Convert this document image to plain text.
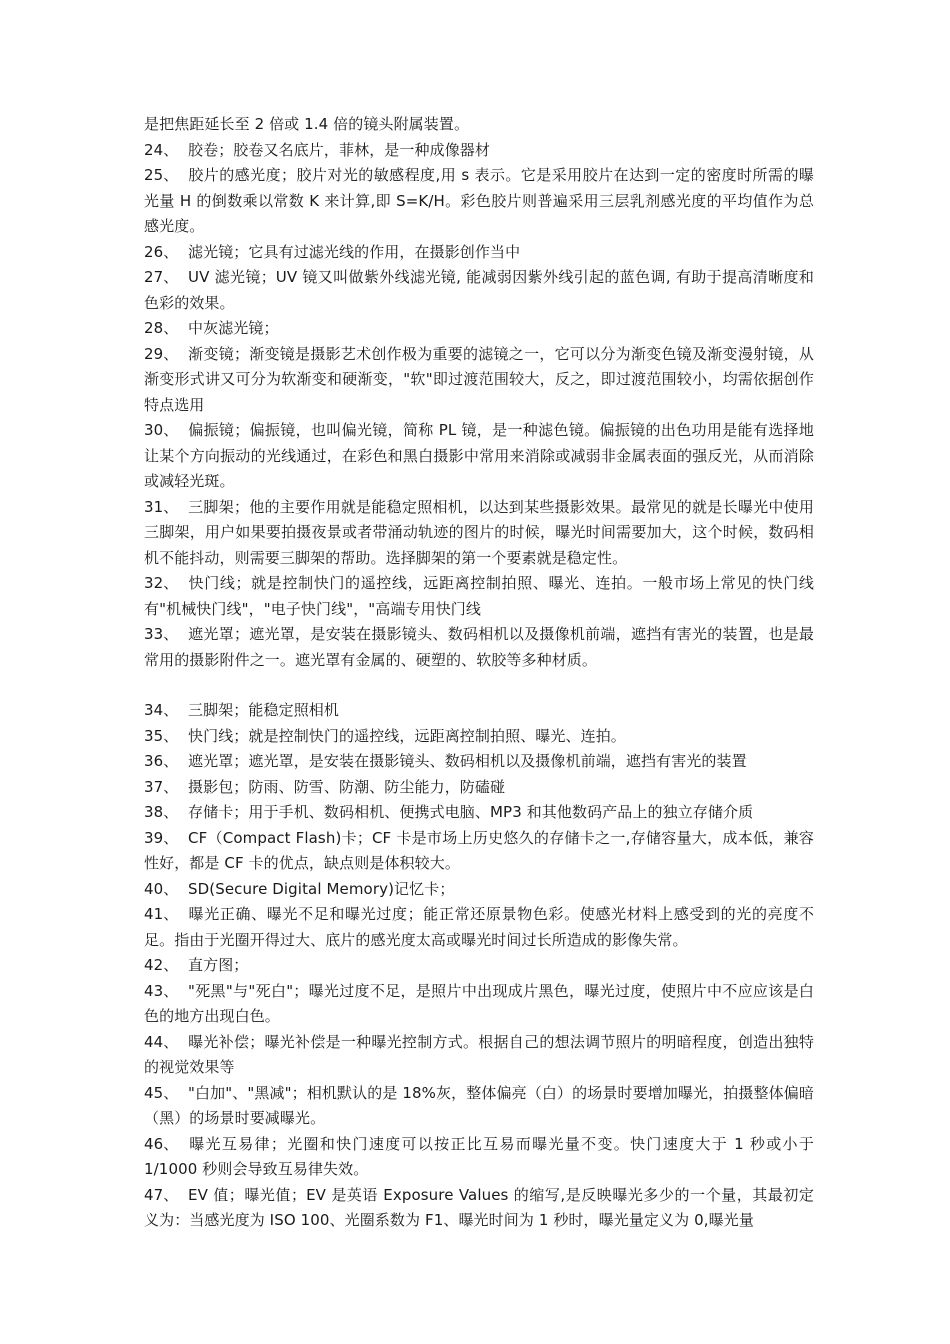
是把焦距延长至 2 倍或 1.4 倍的镜头附属装置。

24、 胶卷；胶卷又名底片，菲林，是一种成像器材

25、 胶片的感光度；胶片对光的敏感程度,用 s 表示。它是采用胶片在达到一定的密度时所需的曝光量 H 的倒数乘以常数 K 来计算,即 S=K/H。彩色胶片则普遍采用三层乳剂感光度的平均值作为总感光度。

26、 滤光镜；它具有过滤光线的作用，在摄影创作当中

27、 UV 滤光镜；UV 镜又叫做紫外线滤光镜, 能减弱因紫外线引起的蓝色调, 有助于提高清晰度和色彩的效果。

28、 中灰滤光镜；

29、 渐变镜；渐变镜是摄影艺术创作极为重要的滤镜之一，它可以分为渐变色镜及渐变漫射镜，从渐变形式讲又可分为软渐变和硬渐变，"软"即过渡范围较大，反之，即过渡范围较小，均需依据创作特点选用

30、 偏振镜；偏振镜，也叫偏光镜，简称 PL 镜，是一种滤色镜。偏振镜的出色功用是能有选择地让某个方向振动的光线通过，在彩色和黑白摄影中常用来消除或减弱非金属表面的强反光，从而消除或减轻光斑。

31、 三脚架；他的主要作用就是能稳定照相机，以达到某些摄影效果。最常见的就是长曝光中使用三脚架，用户如果要拍摄夜景或者带涌动轨迹的图片的时候，曝光时间需要加大，这个时候，数码相机不能抖动，则需要三脚架的帮助。选择脚架的第一个要素就是稳定性。

32、 快门线；就是控制快门的遥控线，远距离控制拍照、曝光、连拍。一般市场上常见的快门线有"机械快门线"，"电子快门线"，"高端专用快门线

33、 遮光罩；遮光罩，是安装在摄影镜头、数码相机以及摄像机前端，遮挡有害光的装置，也是最常用的摄影附件之一。遮光罩有金属的、硬塑的、软胶等多种材质。

34、 三脚架；能稳定照相机

35、 快门线；就是控制快门的遥控线，远距离控制拍照、曝光、连拍。

36、 遮光罩；遮光罩，是安装在摄影镜头、数码相机以及摄像机前端，遮挡有害光的装置

37、 摄影包；防雨、防雪、防潮、防尘能力，防磕碰

38、 存储卡；用于手机、数码相机、便携式电脑、MP3 和其他数码产品上的独立存储介质

39、 CF（Compact Flash)卡；CF 卡是市场上历史悠久的存储卡之一,存储容量大，成本低，兼容性好，都是 CF 卡的优点，缺点则是体积较大。

40、 SD(Secure Digital Memory)记忆卡；

41、 曝光正确、曝光不足和曝光过度；能正常还原景物色彩。使感光材料上感受到的光的亮度不足。指由于光圈开得过大、底片的感光度太高或曝光时间过长所造成的影像失常。

42、 直方图；

43、 "死黑"与"死白"；曝光过度不足，是照片中出现成片黑色，曝光过度，使照片中不应应该是白色的地方出现白色。

44、 曝光补偿；曝光补偿是一种曝光控制方式。根据自己的想法调节照片的明暗程度，创造出独特的视觉效果等

45、 "白加"、"黑减"；相机默认的是 18%灰，整体偏亮（白）的场景时要增加曝光，拍摄整体偏暗（黑）的场景时要减曝光。

46、 曝光互易律；光圈和快门速度可以按正比互易而曝光量不变。快门速度大于 1 秒或小于 1/1000 秒则会导致互易律失效。

47、 EV 值；曝光值；EV 是英语 Exposure Values 的缩写,是反映曝光多少的一个量，其最初定义为：当感光度为 ISO 100、光圈系数为 F1、曝光时间为 1 秒时，曝光量定义为 0,曝光量
